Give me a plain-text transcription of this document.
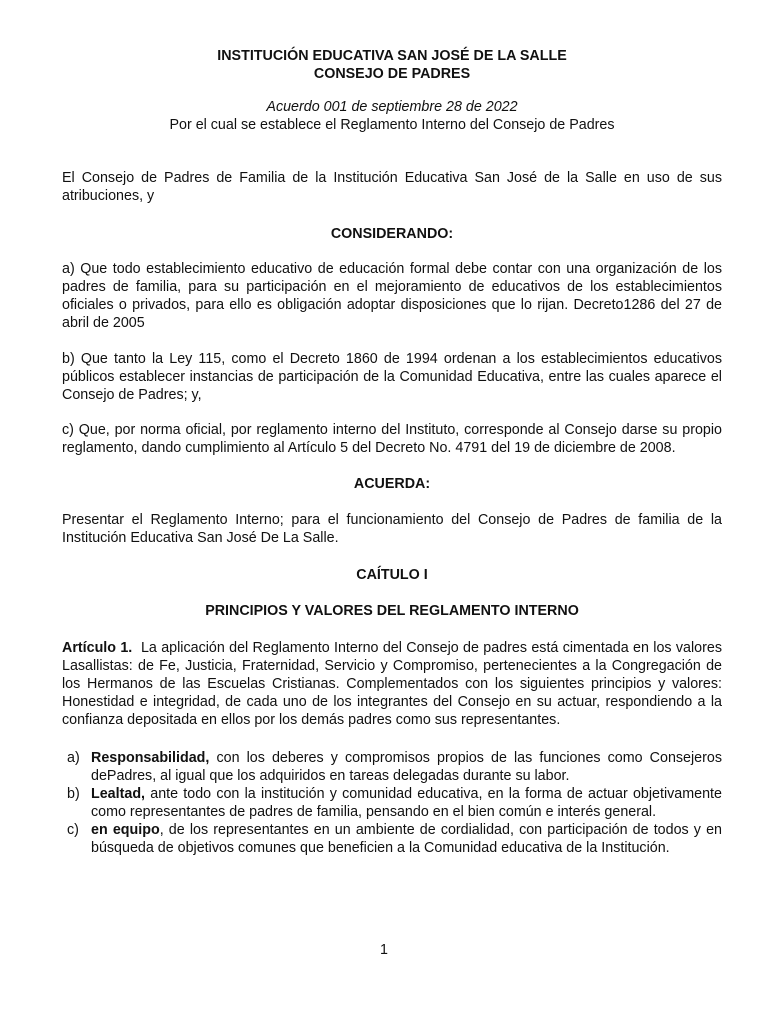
INSTITUCIÓN EDUCATIVA SAN JOSÉ DE LA SALLE

CONSEJO DE PADRES

Acuerdo 001 de septiembre 28 de 2022

Por el cual se establece el Reglamento Interno del Consejo de Padres

El Consejo de Padres de Familia de la Institución Educativa San José de la Salle en uso de sus atribuciones, y

CONSIDERANDO:

a) Que todo establecimiento educativo de educación formal debe contar con una organización de los padres de familia, para su participación en el mejoramiento de educativos de los establecimientos oficiales o privados, para ello es obligación adoptar disposiciones que lo rijan. Decreto1286 del 27 de abril de 2005

b) Que tanto la Ley 115, como el Decreto 1860 de 1994 ordenan a los establecimientos educativos públicos establecer instancias de participación de la Comunidad Educativa, entre las cuales aparece el Consejo de Padres; y,

c) Que, por norma oficial, por reglamento interno del Instituto, corresponde al Consejo darse su propio reglamento, dando cumplimiento al Artículo 5 del Decreto No. 4791 del 19 de diciembre de 2008.

ACUERDA:

Presentar el Reglamento Interno; para el funcionamiento del Consejo de Padres de familia de la Institución Educativa San José De La Salle.

CAÍTULO I

PRINCIPIOS Y VALORES DEL REGLAMENTO INTERNO

Artículo 1. La aplicación del Reglamento Interno del Consejo de padres está cimentada en los valores Lasallistas: de Fe, Justicia, Fraternidad, Servicio y Compromiso, pertenecientes a la Congregación de los Hermanos de las Escuelas Cristianas. Complementados con los siguientes principios y valores: Honestidad e integridad, de cada uno de los integrantes del Consejo en su actuar, respondiendo a la confianza depositada en ellos por los demás padres como sus representantes.

a) Responsabilidad, con los deberes y compromisos propios de las funciones como Consejeros dePadres, al igual que los adquiridos en tareas delegadas durante su labor.
b) Lealtad, ante todo con la institución y comunidad educativa, en la forma de actuar objetivamente como representantes de padres de familia, pensando en el bien común e interés general.
c) en equipo, de los representantes en un ambiente de cordialidad, con participación de todos y en búsqueda de objetivos comunes que beneficien a la Comunidad educativa de la Institución.
1
